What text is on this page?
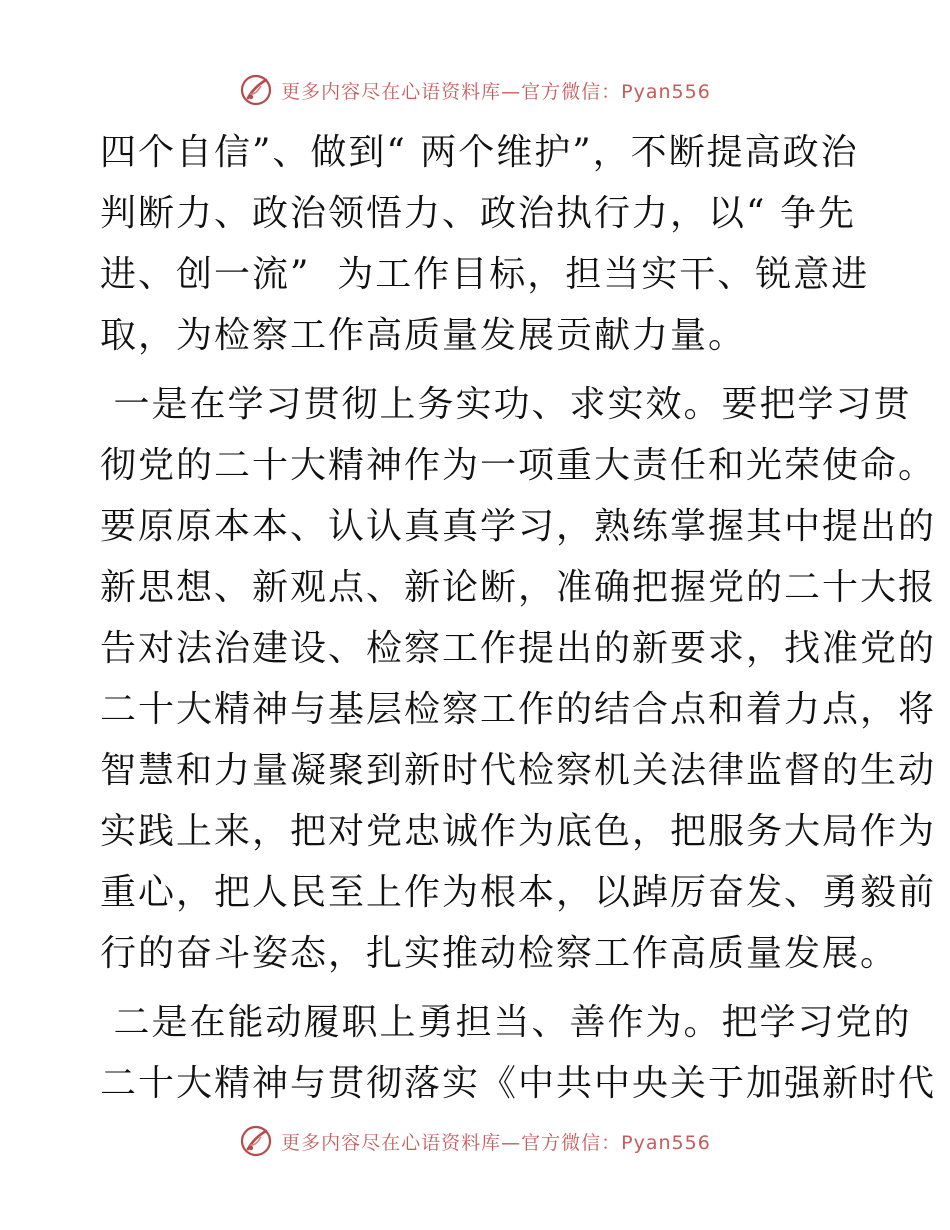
更多内容尽在心语资料库—官方微信：Pyan556
四个自信”、做到“ 两个维护”，不断提高政治
判断力、政治领悟力、政治执行力，以“ 争先
进、创一流”  为工作目标，担当实干、锐意进
取，为检察工作高质量发展贡献力量。
一是在学习贯彻上务实功、求实效。要把学习贯
彻党的二十大精神作为一项重大责任和光荣使命。
要原原本本、认认真真学习，熟练掌握其中提出的
新思想、新观点、新论断，准确把握党的二十大报
告对法治建设、检察工作提出的新要求，找准党的
二十大精神与基层检察工作的结合点和着力点，将
智慧和力量凝聚到新时代检察机关法律监督的生动
实践上来，把对党忠诚作为底色，把服务大局作为
重心，把人民至上作为根本，以踔厉奋发、勇毅前
行的奋斗姿态，扎实推动检察工作高质量发展。
二是在能动履职上勇担当、善作为。把学习党的
二十大精神与贯彻落实《中共中央关于加强新时代
更多内容尽在心语资料库—官方微信：Pyan556
